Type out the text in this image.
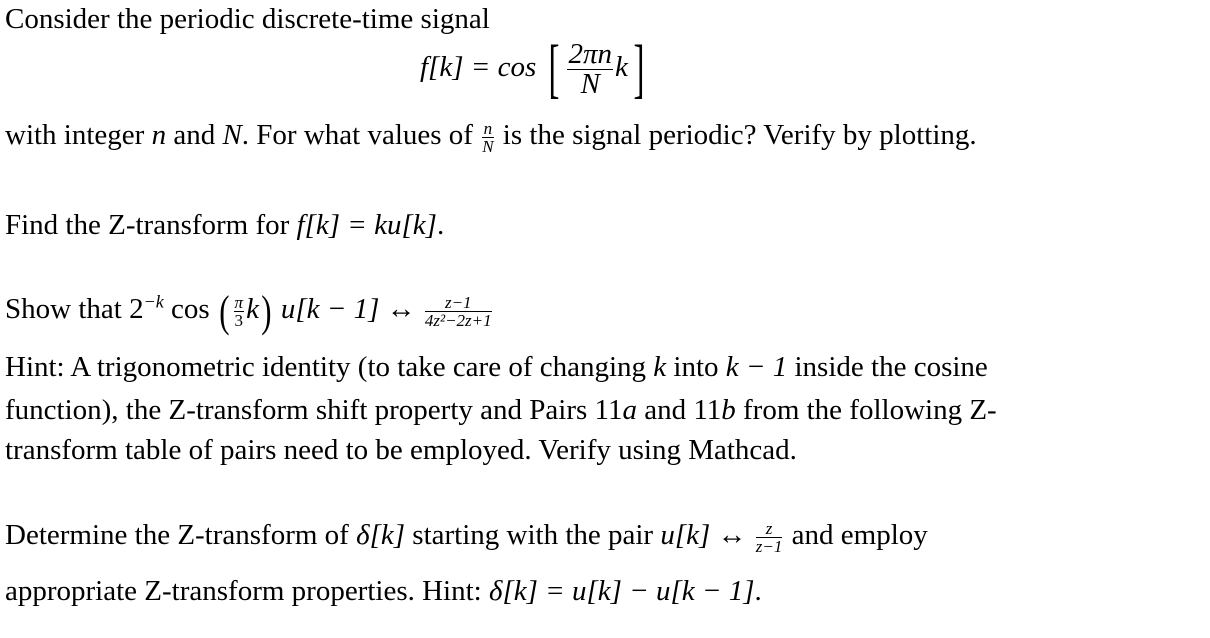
Consider the periodic discrete-time signal
f[k] = cos [ $\frac{2\pi n}{N} k$]
with integer n and N. For what values of $\frac{n}{N}$ is the signal periodic? Verify by plotting.
Find the Z-transform for f[k] = ku[k].
Show that $2^{-k}$ cos ( $\frac{\pi}{3} k$) u[k − 1] ↔ $\frac{z-1}{\text{4z²−2z+1}}$
Hint: A trigonometric identity (to take care of changing k into k − 1 inside the cosine
function), the Z-transform shift property and Pairs 11a and 11b from the following Z-
transform table of pairs need to be employed. Verify using Mathcad.
Determine the Z-transform of δ[k] starting with the pair u[k] ↔ $\frac{z}{z-1}$ and employ
appropriate Z-transform properties. Hint: δ[k] = u[k] − u[k − 1].
